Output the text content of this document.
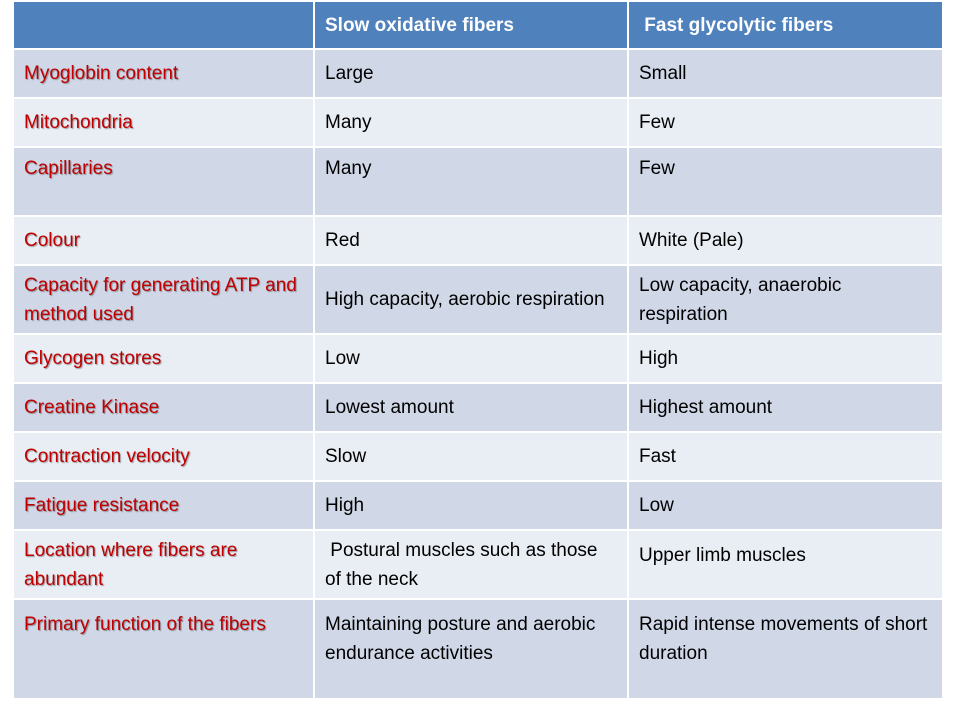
	Slow oxidative fibers	Fast glycolytic fibers
Myoglobin content	Large	Small
Mitochondria	Many	Few
Capillaries	Many	Few
Colour	Red	White (Pale)
Capacity for generating ATP and method used	High capacity, aerobic respiration	Low capacity, anaerobic respiration
Glycogen stores	Low	High
Creatine Kinase	Lowest amount	Highest amount
Contraction velocity	Slow	Fast
Fatigue resistance	High	Low
Location where fibers are abundant	Postural muscles such as those of the neck	Upper limb muscles
Primary function of the fibers	Maintaining posture and aerobic endurance activities	Rapid intense movements of short duration
